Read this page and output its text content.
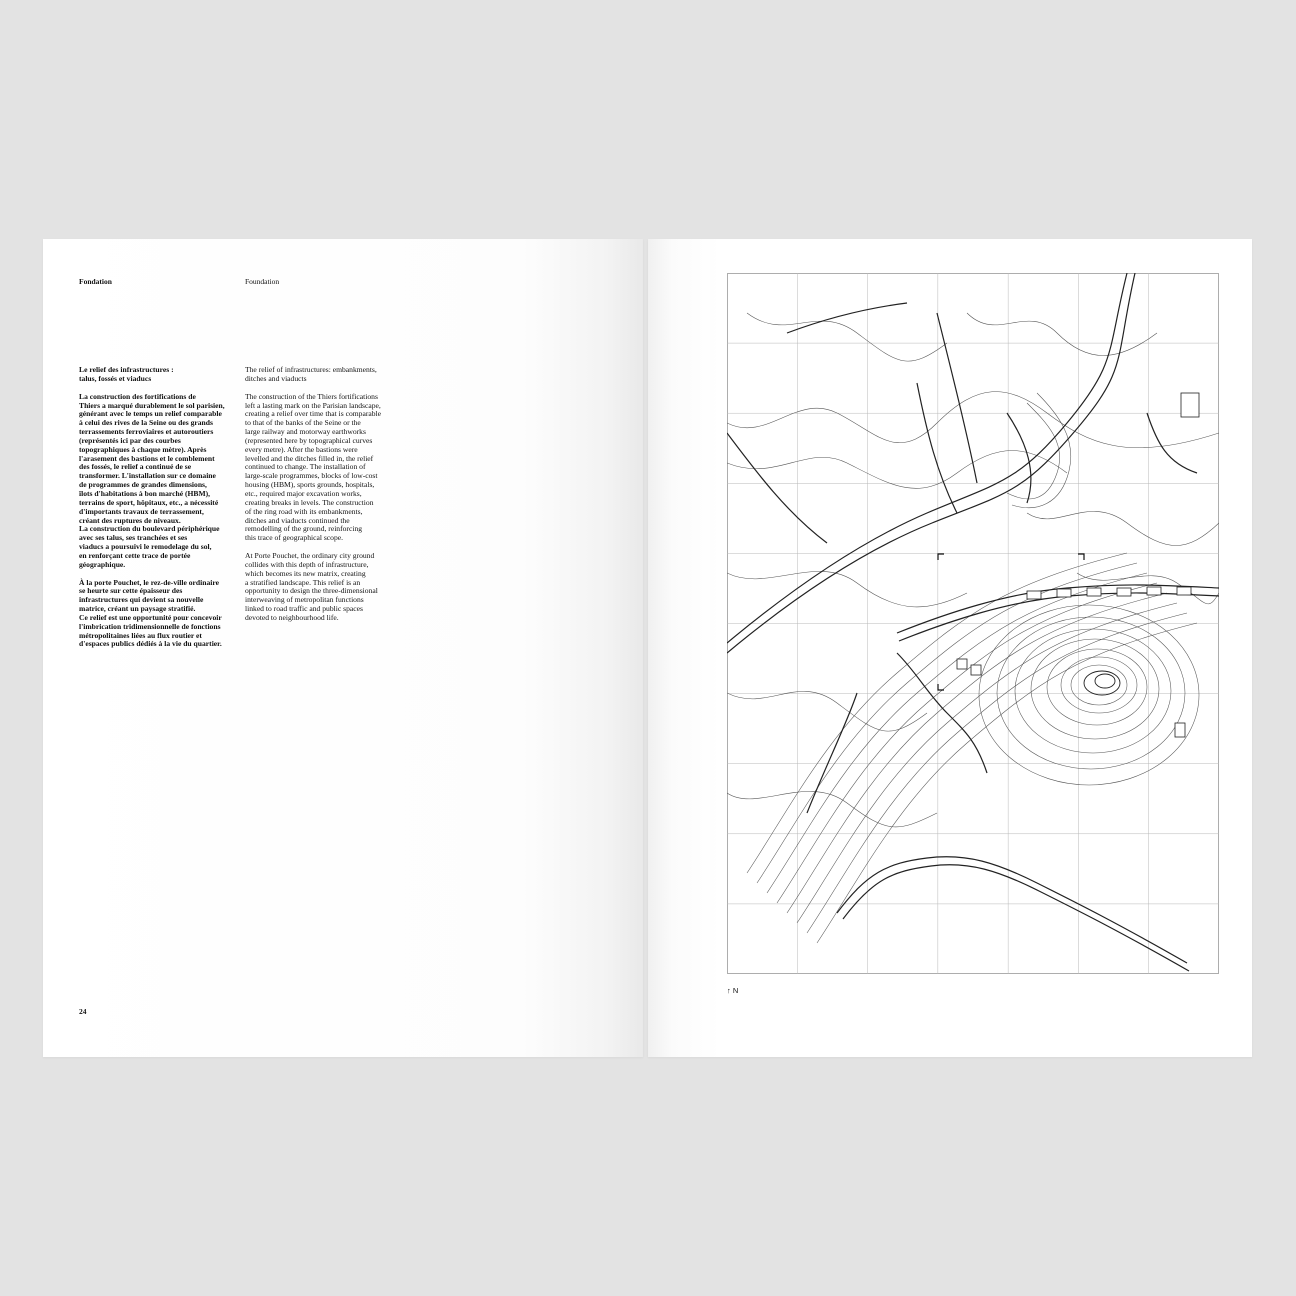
Fondation	Foundation
Le relief des infrastructures :
talus, fossés et viaducs

La construction des fortifications de
Thiers a marqué durablement le sol parisien,
générant avec le temps un relief comparable
à celui des rives de la Seine ou des grands
terrassements ferroviaires et autoroutiers
(représentés ici par des courbes
topographiques à chaque mètre). Après
l'arasement des bastions et le comblement
des fossés, le relief a continué de se
transformer. L'installation sur ce domaine
de programmes de grandes dimensions,
îlots d'habitations à bon marché (HBM),
terrains de sport, hôpitaux, etc., a nécessité
d'importants travaux de terrassement,
créant des ruptures de niveaux.
La construction du boulevard périphérique
avec ses talus, ses tranchées et ses
viaducs a poursuivi le remodelage du sol,
en renforçant cette trace de portée
géographique.

À la porte Pouchet, le rez-de-ville ordinaire
se heurte sur cette épaisseur des
infrastructures qui devient sa nouvelle
matrice, créant un paysage stratifié.
Ce relief est une opportunité pour concevoir
l'imbrication tridimensionnelle de fonctions
métropolitaines liées au flux routier et
d'espaces publics dédiés à la vie du quartier.

The relief of infrastructures: embankments,
ditches and viaducts

The construction of the Thiers fortifications
left a lasting mark on the Parisian landscape,
creating a relief over time that is comparable
to that of the banks of the Seine or the
large railway and motorway earthworks
(represented here by topographical curves
every metre). After the bastions were
levelled and the ditches filled in, the relief
continued to change. The installation of
large-scale programmes, blocks of low-cost
housing (HBM), sports grounds, hospitals,
etc., required major excavation works,
creating breaks in levels. The construction
of the ring road with its embankments,
ditches and viaducts continued the
remodelling of the ground, reinforcing
this trace of geographical scope.

At Porte Pouchet, the ordinary city ground
collides with this depth of infrastructure,
which becomes its new matrix, creating
a stratified landscape. This relief is an
opportunity to design the three-dimensional
interweaving of metropolitan functions
linked to road traffic and public spaces
devoted to neighbourhood life.

24
↑ N
